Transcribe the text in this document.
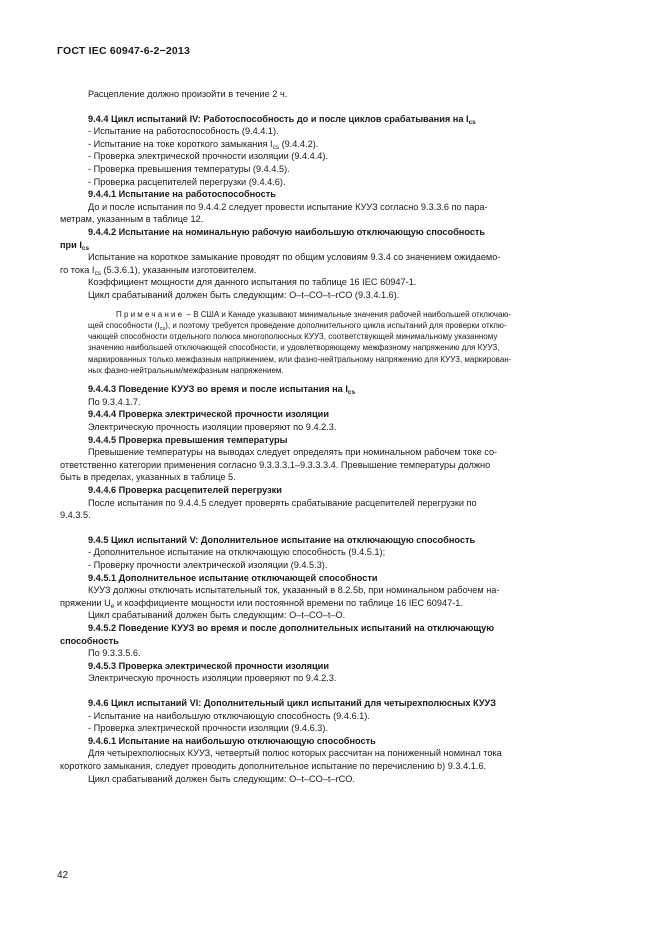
ГОСТ IEC 60947-6-2−2013

Расцепление должно произойти в течение 2 ч.

9.4.4 Цикл испытаний IV: Работоспособность до и после циклов срабатывания на $I_{cs}$

- Испытание на работоспособность (9.4.4.1).

- Испытание на токе короткого замыкания $I_{cs}$ (9.4.4.2).

- Проверка электрической прочности изоляции (9.4.4.4).

- Проверка превышения температуры (9.4.4.5).

- Проверка расцепителей перегрузки (9.4.4.6).

9.4.4.1 Испытание на работоспособность

До и после испытания по 9.4.4.2 следует провести испытание КУУЗ согласно 9.3.3.6 по пара-

метрам, указанным в таблице 12.

9.4.4.2 Испытание на номинальную рабочую наибольшую отключающую способность

при $I_{cs}$

Испытание на короткое замыкание проводят по общим условиям 9.3.4 со значением ожидаемо-

го тока $I_{cs}$ (5.3.6.1), указанным изготовителем.

Коэффициент мощности для данного испытания по таблице 16 IEC 60947-1.

Цикл срабатываний должен быть следующим: O–t–CO–t–rCO (9.3.4.1.6).

Примечание – В США и Канаде указывают минимальные значения рабочей наибольшей отключаю-

щей способности $(I_{cs})$, и поэтому требуется проведение дополнительного цикла испытаний для проверки отклю-

чающей способности отдельного полюса многополюсных КУУЗ, соответствующей минимальному указанному

значению наибольшей отключающей способности, и удовлетворяющему межфазному напряжению для КУУЗ,

маркированных только межфазным напряжением, или фазно-нейтральному напряжению для КУУЗ, маркирован-

ных фазно-нейтральным/межфазным напряжением.

9.4.4.3 Поведение КУУЗ во время и после испытания на $I_{cs}$

По 9.3.4.1.7.

9.4.4.4 Проверка электрической прочности изоляции

Электрическую прочность изоляции проверяют по 9.4.2.3.

9.4.4.5 Проверка превышения температуры

Превышение температуры на выводах следует определять при номинальном рабочем токе со-

ответственно категории применения согласно 9.3.3.3.1–9.3.3.3.4. Превышение температуры должно

быть в пределах, указанных в таблице 5.

9.4.4.6 Проверка расцепителей перегрузки

После испытания по 9.4.4.5 следует проверять срабатывание расцепителей перегрузки по

9.4.3.5.

9.4.5 Цикл испытаний V: Дополнительное испытание на отключающую способность

- Дополнительное испытание на отключающую способность (9.4.5.1);

- Проверку прочности электрической изоляции (9.4.5.3).

9.4.5.1 Дополнительное испытание отключающей способности

КУУЗ должны отключать испытательный ток, указанный в 8.2.5b, при номинальном рабочем на-

пряжении $U_e$ и коэффициенте мощности или постоянной времени по таблице 16 IEC 60947-1.

Цикл срабатываний должен быть следующим: O–t–CO–t–O.

9.4.5.2 Поведение КУУЗ во время и после дополнительных испытаний на отключающую

способность

По 9.3.3.5.6.

9.4.5.3 Проверка электрической прочности изоляции

Электрическую прочность изоляции проверяют по 9.4.2.3.

9.4.6 Цикл испытаний VI: Дополнительный цикл испытаний для четырехполюсных КУУЗ

- Испытание на наибольшую отключающую способность (9.4.6.1).

- Проверка электрической прочности изоляции (9.4.6.3).

9.4.6.1 Испытание на наибольшую отключающую способность

Для четырехполюсных КУУЗ, четвертый полюс которых рассчитан на пониженный номинал тока

короткого замыкания, следует проводить дополнительное испытание по перечислению b) 9.3.4.1.6.

Цикл срабатываний должен быть следующим: O–t–CO–t–rCO.

42
